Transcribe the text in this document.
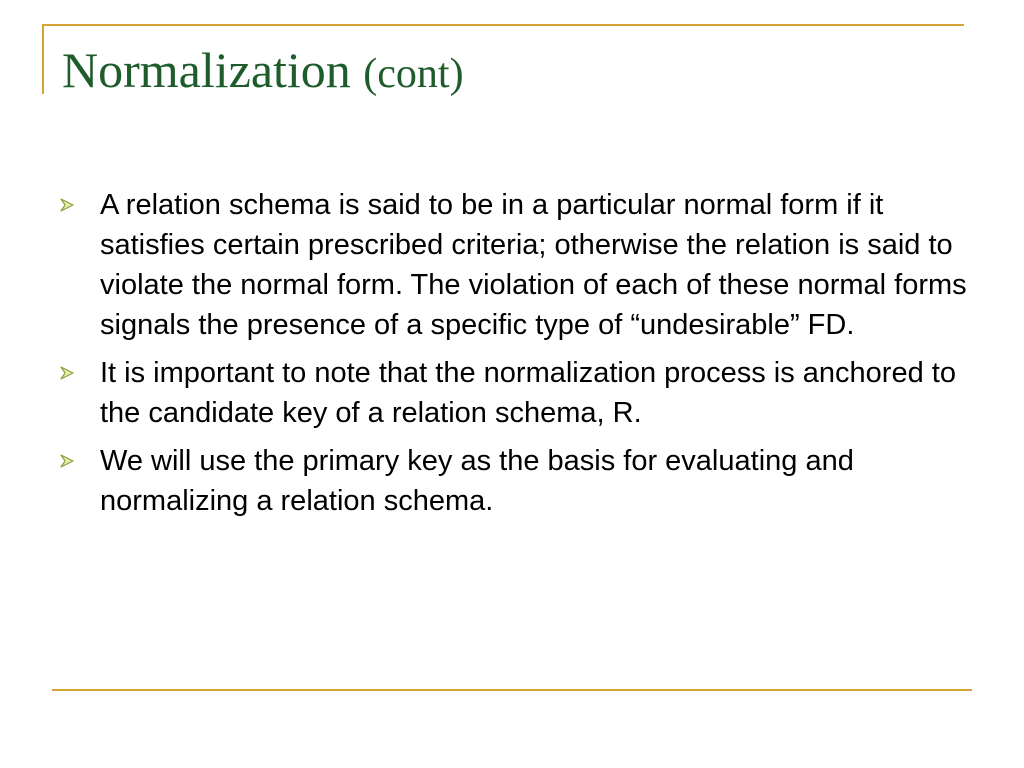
Normalization (cont)
A relation schema is said to be in a particular normal form if it satisfies certain prescribed criteria; otherwise the relation is said to violate the normal form. The violation of each of these normal forms signals the presence of a specific type of “undesirable” FD.
It is important to note that the normalization process is anchored to the candidate key of a relation schema, R.
We will use the primary key as the basis for evaluating and normalizing a relation schema.
